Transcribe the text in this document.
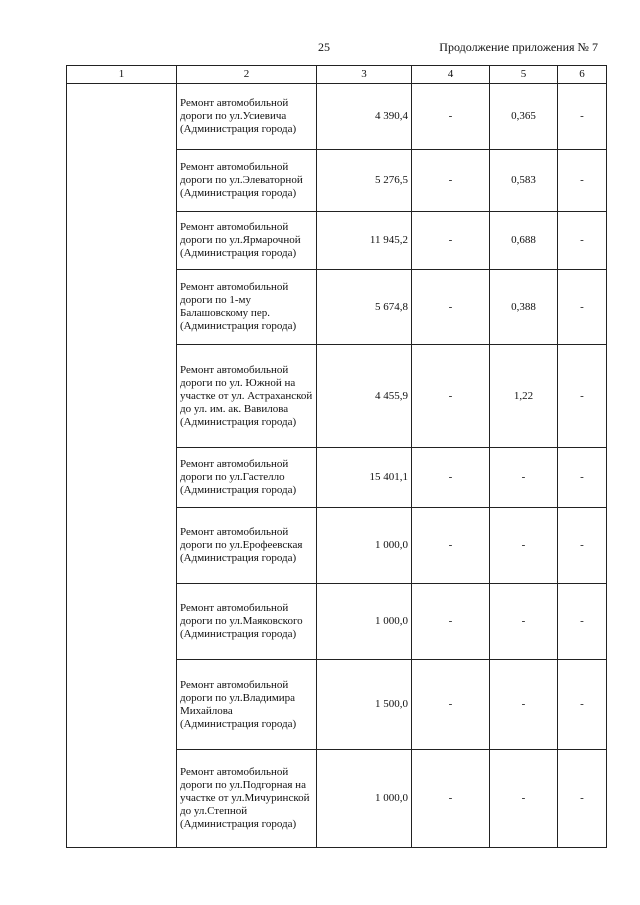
25	Продолжение приложения № 7
1	2	3	4	5	6
	Ремонт автомобильной дороги по ул.Усиевича (Администрация города)	4 390,4	-	0,365	-
	Ремонт автомобильной дороги по ул.Элеваторной (Администрация города)	5 276,5	-	0,583	-
	Ремонт автомобильной дороги по ул.Ярмарочной (Администрация города)	11 945,2	-	0,688	-
	Ремонт автомобильной дороги по 1-му Балашовскому пер. (Администрация города)	5 674,8	-	0,388	-
	Ремонт автомобильной дороги по ул. Южной на участке от ул. Астраханской до ул. им. ак. Вавилова (Администрация города)	4 455,9	-	1,22	-
	Ремонт автомобильной дороги по ул.Гастелло (Администрация города)	15 401,1	-	-	-
	Ремонт автомобильной дороги по ул.Ерофеевская (Администрация города)	1 000,0	-	-	-
	Ремонт автомобильной дороги по ул.Маяковского (Администрация города)	1 000,0	-	-	-
	Ремонт автомобильной дороги по ул.Владимира Михайлова (Администрация города)	1 500,0	-	-	-
	Ремонт автомобильной дороги по ул.Подгорная на участке от ул.Мичуринской до ул.Степной (Администрация города)	1 000,0	-	-	-
